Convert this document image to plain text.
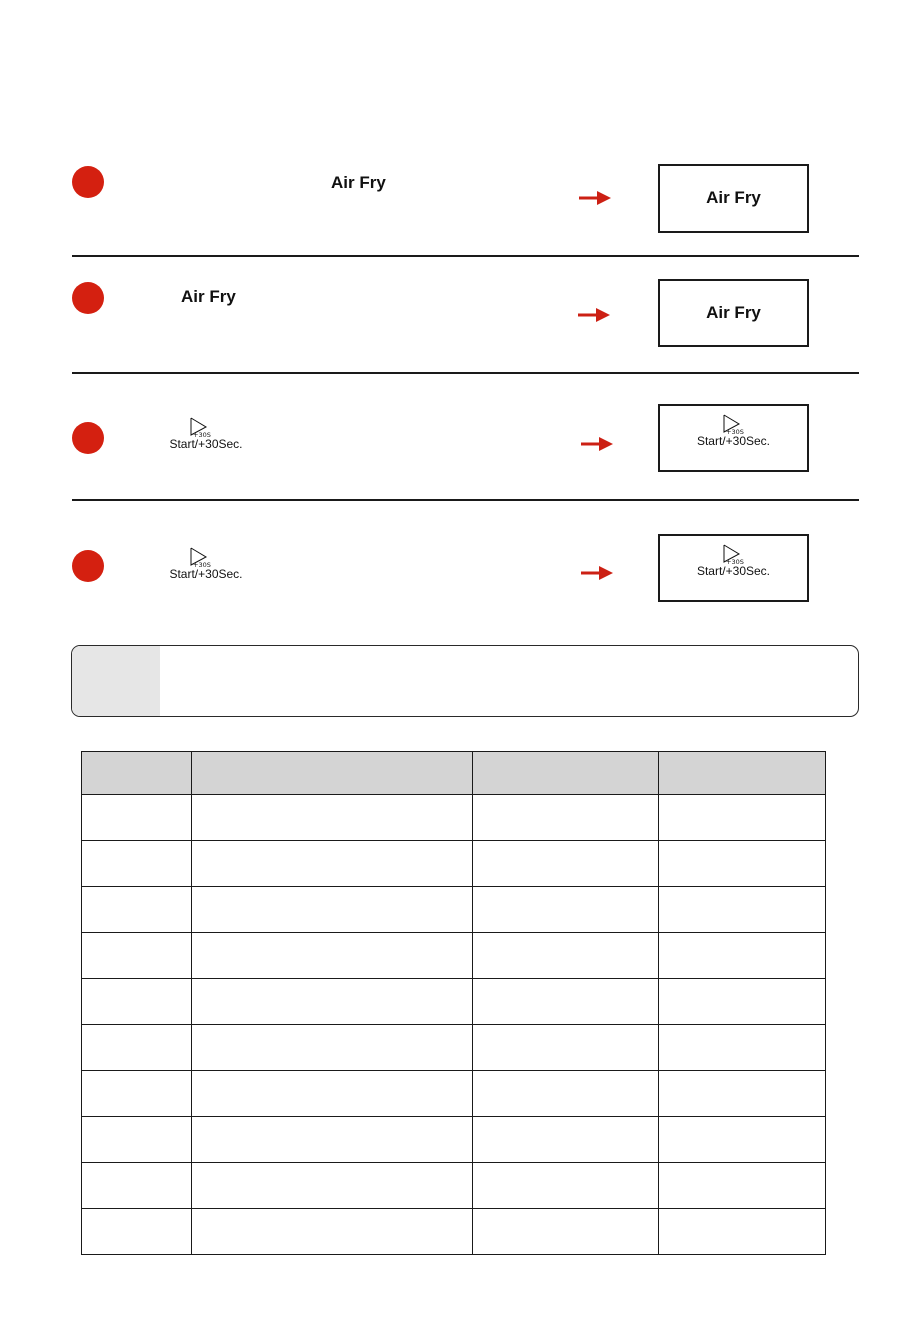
Air Fry
Air Fry
Air Fry
Air Fry
+30S
Start/+30Sec.
+30S
Start/+30Sec.
+30S
Start/+30Sec.
+30S
Start/+30Sec.
